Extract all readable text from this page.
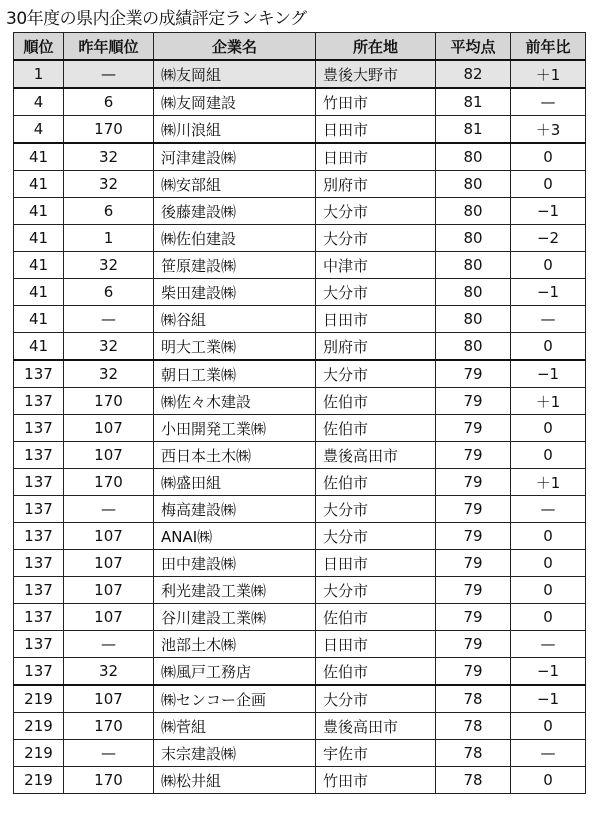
30年度の県内企業の成績評定ランキング
順位	昨年順位	企業名	所在地	平均点	前年比
1	—	㈱友岡組	豊後大野市	82	＋1
4	6	㈱友岡建設	竹田市	81	—
4	170	㈱川浪組	日田市	81	＋3
41	32	河津建設㈱	日田市	80	0
41	32	㈱安部組	別府市	80	0
41	6	後藤建設㈱	大分市	80	−1
41	1	㈱佐伯建設	大分市	80	−2
41	32	笹原建設㈱	中津市	80	0
41	6	柴田建設㈱	大分市	80	−1
41	—	㈱谷組	日田市	80	—
41	32	明大工業㈱	別府市	80	0
137	32	朝日工業㈱	大分市	79	−1
137	170	㈱佐々木建設	佐伯市	79	＋1
137	107	小田開発工業㈱	佐伯市	79	0
137	107	西日本土木㈱	豊後高田市	79	0
137	170	㈱盛田組	佐伯市	79	＋1
137	—	梅高建設㈱	大分市	79	—
137	107	ANAI㈱	大分市	79	0
137	107	田中建設㈱	日田市	79	0
137	107	利光建設工業㈱	大分市	79	0
137	107	谷川建設工業㈱	佐伯市	79	0
137	—	池部土木㈱	日田市	79	—
137	32	㈱風戸工務店	佐伯市	79	−1
219	107	㈱センコー企画	大分市	78	−1
219	170	㈱菅組	豊後高田市	78	0
219	—	末宗建設㈱	宇佐市	78	—
219	170	㈱松井組	竹田市	78	0
